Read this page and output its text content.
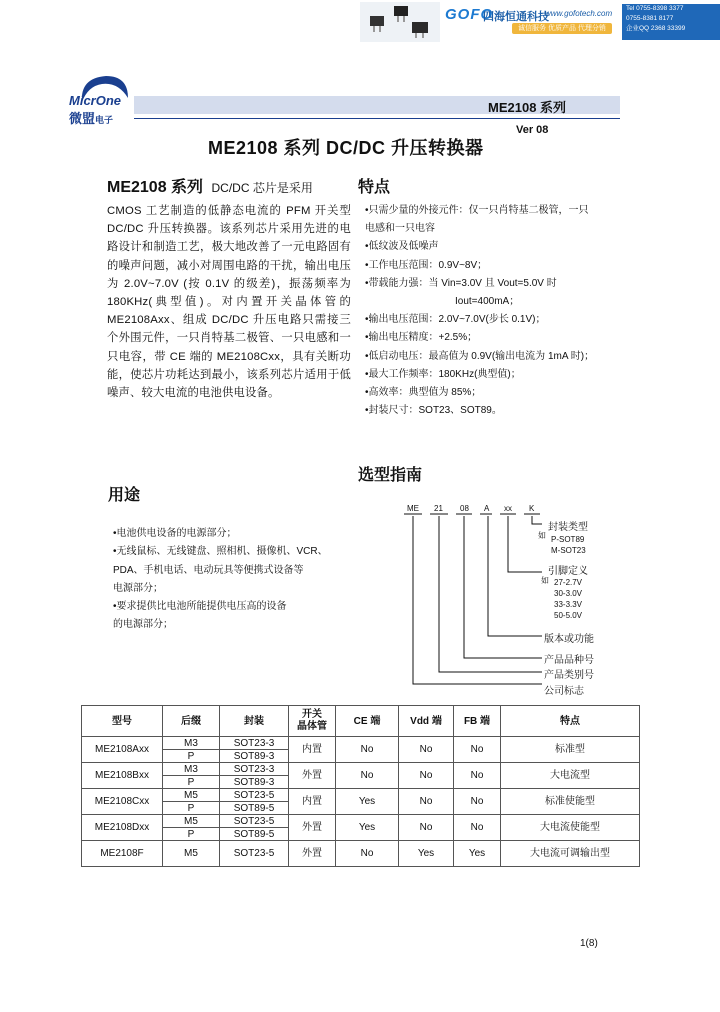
GOFO
四海恒通科技
www.gofotech.com
诚信服务 优质产品 代理分销
Tel 0755-8398 3377
0755-8381 8177
企业QQ 2368 33399
MicrOne
微盟电子
ME2108 系列
ME2108 系列 DC/DC 升压转换器
Ver 08
ME2108 系列 DC/DC 芯片是采用
CMOS 工艺制造的低静态电流的 PFM 开关型 DC/DC 升压转换器。该系列芯片采用先进的电路设计和制造工艺，极大地改善了一元电路固有的噪声问题，减小对周围电路的干扰，输出电压为 2.0V~7.0V (按 0.1V 的级差)，振荡频率为 180KHz(典型值)。对内置开关晶体管的 ME2108Axx、组成 DC/DC 升压电路只需接三个外围元件，一只肖特基二极管、一只电感和一只电容，带 CE 端的 ME2108Cxx，具有关断功能，使芯片功耗达到最小，该系列芯片适用于低噪声、较大电流的电池供电设备。
特点
•只需少量的外接元件：仅一只肖特基二极管，一只
电感和一只电容
•低纹波及低噪声
•工作电压范围：0.9V~8V；
•带载能力强：当 Vin=3.0V 且 Vout=5.0V 时
Iout=400mA；
•输出电压范围：2.0V~7.0V(步长 0.1V)；
•输出电压精度：+2.5%；
•低启动电压：最高值为 0.9V(输出电流为 1mA 时)；
•最大工作频率：180KHz(典型值)；
•高效率：典型值为 85%；
•封装尺寸：SOT23、SOT89。
用途
•电池供电设备的电源部分；
•无线鼠标、无线键盘、照相机、摄像机、VCR、
PDA、手机电话、电动玩具等便携式设备等
电源部分；
•要求提供比电池所能提供电压高的设备
的电源部分；
选型指南
ME 21 08 A xx K
封装类型
如 P-SOT89
M-SOT23
引脚定义
如 27-2.7V
30-3.0V
33-3.3V
50-5.0V
版本或功能
产品品种号
产品类别号
公司标志
型号	后缀	封装	开关
晶体管	CE 端	Vdd 端	FB 端	特点
ME2108Axx	M3	SOT23-3	内置	No	No	No	标准型
	P	SOT89-3					
ME2108Bxx	M3	SOT23-3	外置	No	No	No	大电流型
	P	SOT89-3					
ME2108Cxx	M5	SOT23-5	内置	Yes	No	No	标准使能型
	P	SOT89-5					
ME2108Dxx	M5	SOT23-5	外置	Yes	No	No	大电流使能型
	P	SOT89-5					
ME2108F	M5	SOT23-5	外置	No	Yes	Yes	大电流可调输出型
1(8)
